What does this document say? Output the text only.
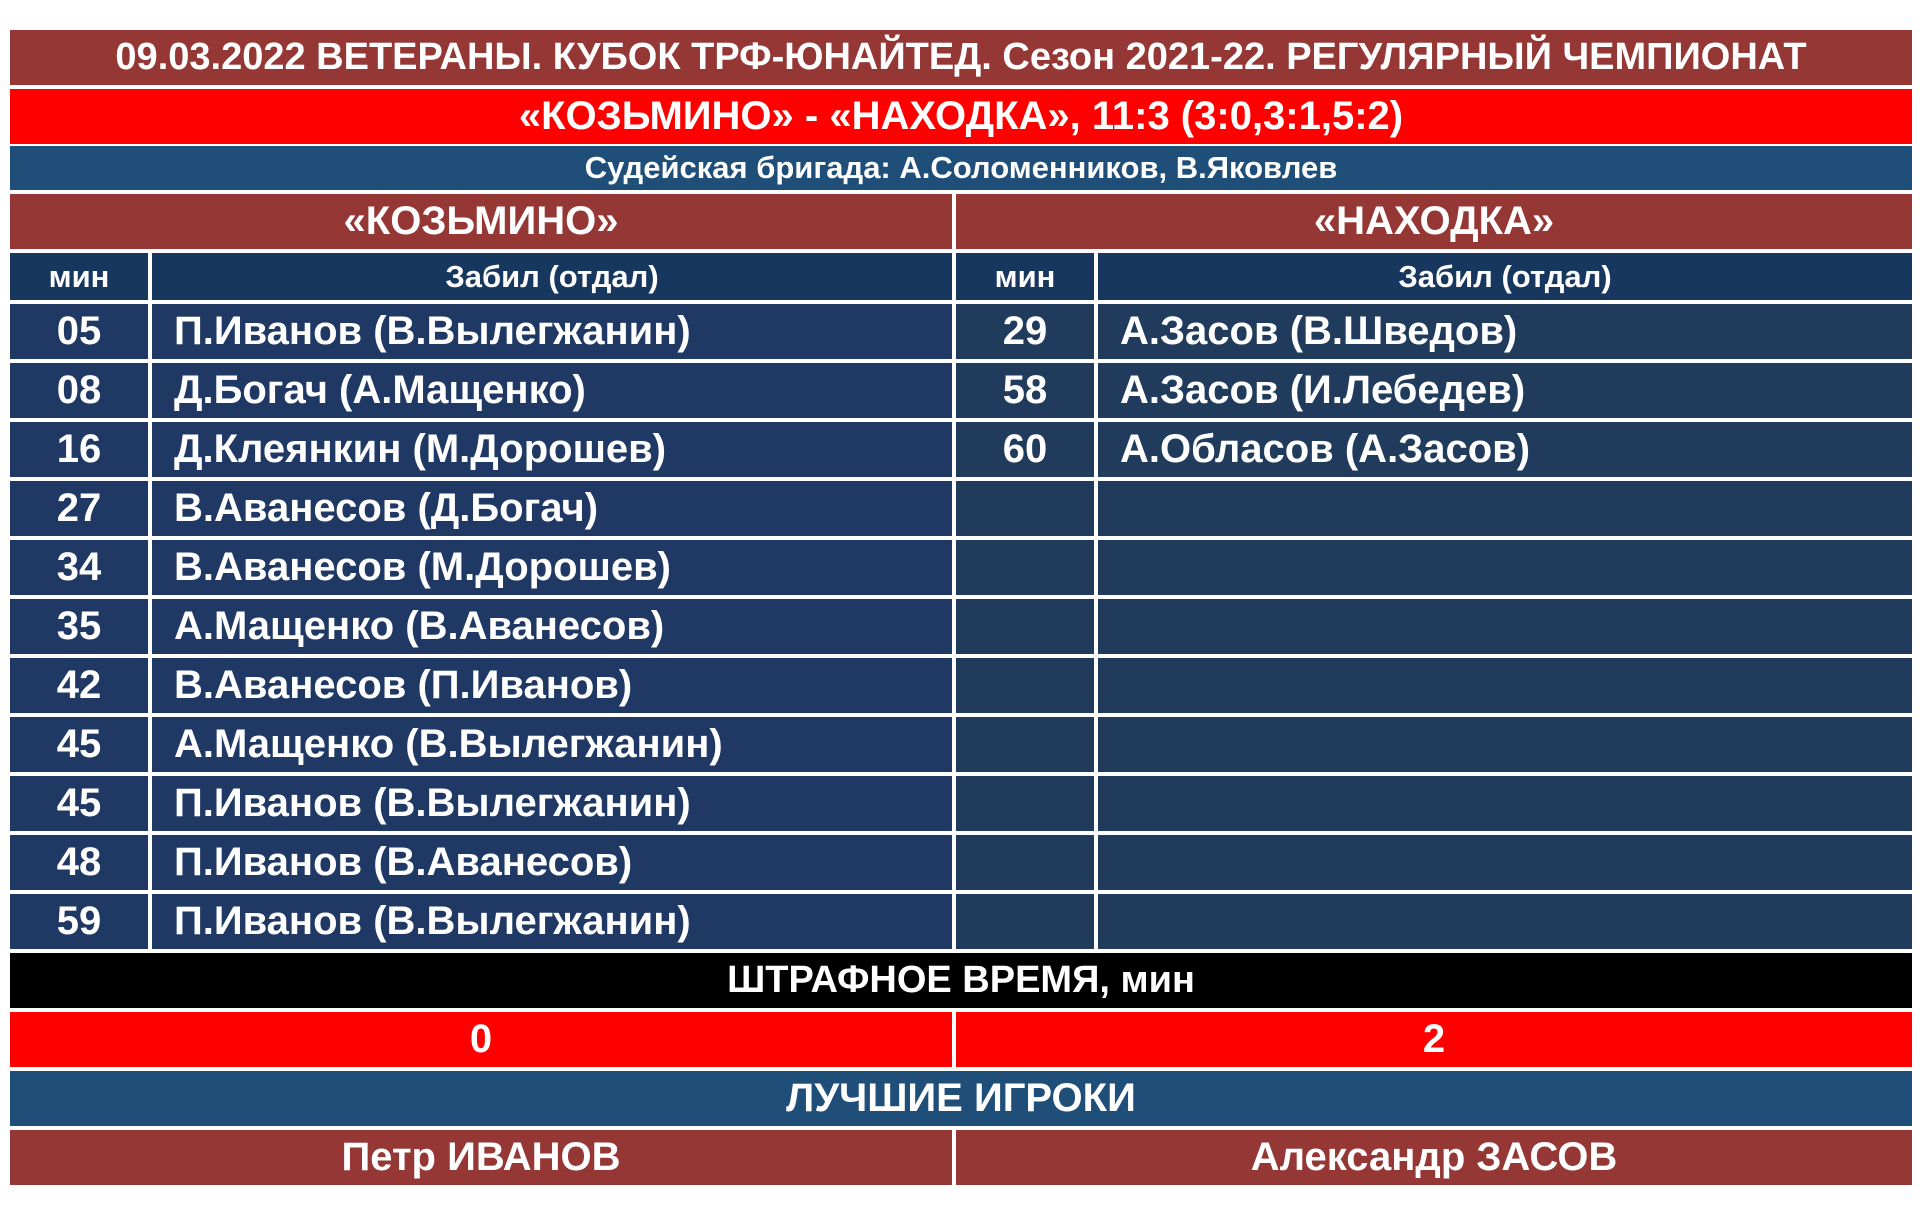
09.03.2022 ВЕТЕРАНЫ. КУБОК ТРФ-ЮНАЙТЕД. Сезон 2021-22. РЕГУЛЯРНЫЙ ЧЕМПИОНАТ
«КОЗЬМИНО» - «НАХОДКА», 11:3 (3:0,3:1,5:2)
Судейская бригада: А.Соломенников, В.Яковлев
«КОЗЬМИНО»	«НАХОДКА»
мин	Забил (отдал)	мин	Забил (отдал)
05	П.Иванов (В.Вылегжанин)	29	А.Засов (В.Шведов)
08	Д.Богач (А.Мащенко)	58	А.Засов (И.Лебедев)
16	Д.Клеянкин (М.Дорошев)	60	А.Обласов (А.Засов)
27	В.Аванесов (Д.Богач)
34	В.Аванесов (М.Дорошев)
35	А.Мащенко (В.Аванесов)
42	В.Аванесов (П.Иванов)
45	А.Мащенко (В.Вылегжанин)
45	П.Иванов (В.Вылегжанин)
48	П.Иванов (В.Аванесов)
59	П.Иванов (В.Вылегжанин)
ШТРАФНОЕ ВРЕМЯ, мин
0	2
ЛУЧШИЕ ИГРОКИ
Петр ИВАНОВ	Александр ЗАСОВ
